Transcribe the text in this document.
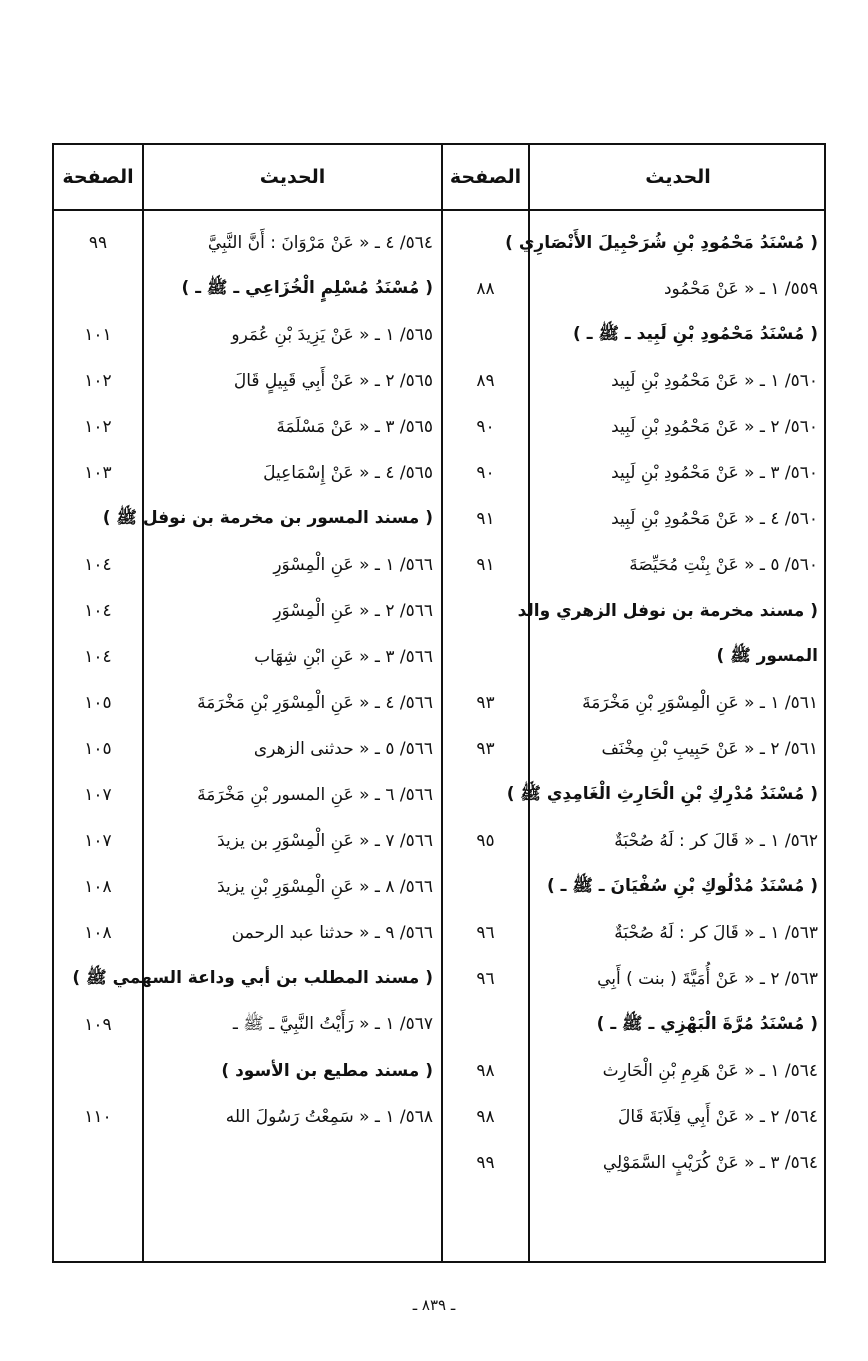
الحديث
الصفحة
الحديث
الصفحة
( مُسْنَدُ مَحْمُودِ بْنِ شُرَحْبِيلَ الأَنْصَارِي )
٥٥٩/ ١ ـ « عَنْ مَحْمُود
٨٨
( مُسْنَدُ مَحْمُودِ بْنِ لَبِيد ـ ﷺ ـ )
٥٦٠/ ١ ـ « عَنْ مَحْمُودِ بْنِ لَبِيد
٨٩
٥٦٠/ ٢ ـ « عَنْ مَحْمُودِ بْنِ لَبِيد
٩٠
٥٦٠/ ٣ ـ « عَنْ مَحْمُودِ بْنِ لَبِيد
٩٠
٥٦٠/ ٤ ـ « عَنْ مَحْمُودِ بْنِ لَبِيد
٩١
٥٦٠/ ٥ ـ « عَنْ بِنْتِ مُحَيِّصَةَ
٩١
( مسند مخرمة بن نوفل الزهري والد
المسور ﷺ )
٥٦١/ ١ ـ « عَنِ الْمِسْوَرِ بْنِ مَخْرَمَةَ
٩٣
٥٦١/ ٢ ـ « عَنْ حَبِيبِ بْنِ مِخْنَف
٩٣
( مُسْنَدُ مُدْرِكِ بْنِ الْحَارِثِ الْغَامِدِي ﷺ )
٥٦٢/ ١ ـ « قَالَ كر : لَهُ صُحْبَةٌ
٩٥
( مُسْنَدُ مُدْلُوكِ بْنِ سُفْيَانَ ـ ﷺ ـ )
٥٦٣/ ١ ـ « قَالَ كر : لَهُ صُحْبَةٌ
٩٦
٥٦٣/ ٢ ـ « عَنْ أُمَيَّةَ ( بنت ) أَبِي
٩٦
( مُسْنَدُ مُرَّةَ الْبَهْزِي ـ ﷺ ـ )
٥٦٤/ ١ ـ « عَنْ هَرِمِ بْنِ الْحَارِث
٩٨
٥٦٤/ ٢ ـ « عَنْ أَبِي قِلَابَةَ قَالَ
٩٨
٥٦٤/ ٣ ـ « عَنْ كُرَيْبٍ السَّمَوْلِي
٩٩
٥٦٤/ ٤ ـ « عَنْ مَرْوَانَ : أَنَّ النَّبِيَّ
٩٩
( مُسْنَدُ مُسْلِمٍ الْخُزَاعِي ـ ﷺ ـ )
٥٦٥/ ١ ـ « عَنْ يَزِيدَ بْنِ عُمَرو
١٠١
٥٦٥/ ٢ ـ « عَنْ أَبِي قَبِيلٍ قَالَ
١٠٢
٥٦٥/ ٣ ـ « عَنْ مَسْلَمَةَ
١٠٢
٥٦٥/ ٤ ـ « عَنْ إِسْمَاعِيلَ
١٠٣
( مسند المسور بن مخرمة بن نوفل ﷺ )
٥٦٦/ ١ ـ « عَنِ الْمِسْوَرِ
١٠٤
٥٦٦/ ٢ ـ « عَنِ الْمِسْوَرِ
١٠٤
٥٦٦/ ٣ ـ « عَنِ ابْنِ شِهَاب
١٠٤
٥٦٦/ ٤ ـ « عَنِ الْمِسْوَرِ بْنِ مَخْرَمَةَ
١٠٥
٥٦٦/ ٥ ـ « حدثنى الزهرى
١٠٥
٥٦٦/ ٦ ـ « عَنِ المسور بْنِ مَخْرَمَةَ
١٠٧
٥٦٦/ ٧ ـ « عَنِ الْمِسْوَرِ بن يزيدَ
١٠٧
٥٦٦/ ٨ ـ « عَنِ الْمِسْوَرِ بْنِ يزيدَ
١٠٨
٥٦٦/ ٩ ـ « حدثنا عبد الرحمن
١٠٨
( مسند المطلب بن أبي وداعة السهمي ﷺ )
٥٦٧/ ١ ـ « رَأَيْتُ النَّبِيَّ ـ ﷺ ـ
١٠٩
( مسند مطيع بن الأسود )
٥٦٨/ ١ ـ « سَمِعْتُ رَسُولَ الله
١١٠
ـ ٨٣٩ ـ
